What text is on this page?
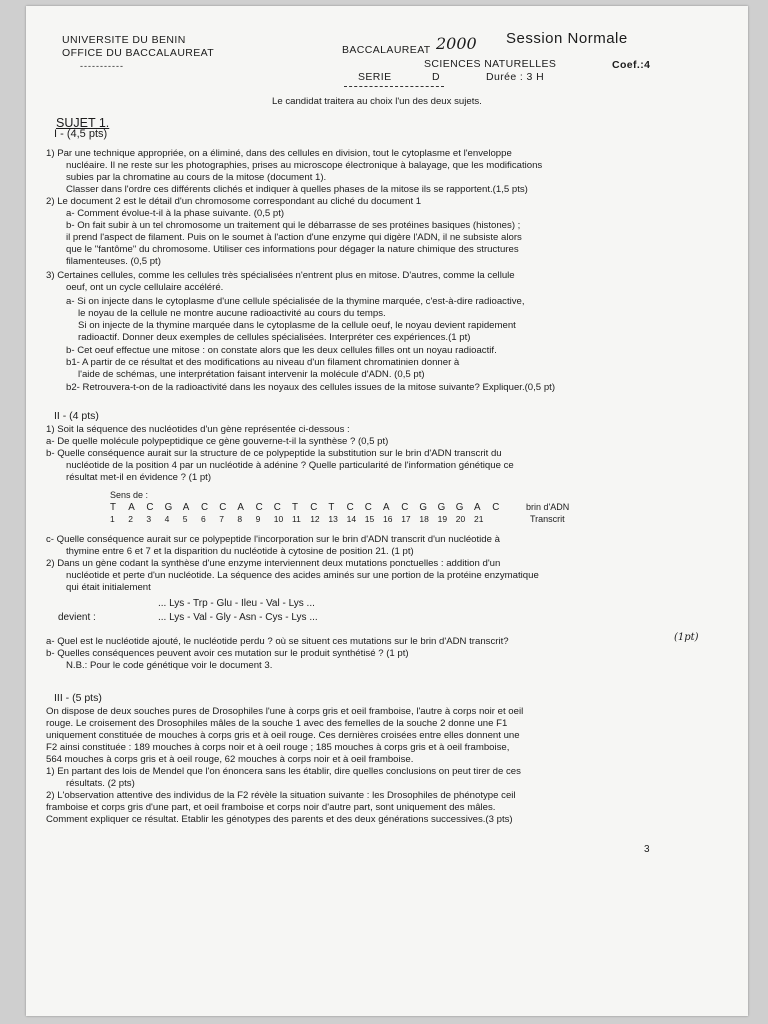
UNIVERSITE DU BENIN
OFFICE DU BACCALAUREAT
-----------
BACCALAUREAT 2000 Session Normale
SCIENCES NATURELLES	Coef.:4
SERIE	D	Durée : 3 H
Le candidat traitera au choix l'un des deux sujets.
SUJET 1.
I - (4,5 pts)
1) Par une technique appropriée, on a éliminé, dans des cellules en division, tout le cytoplasme et l'enveloppe
nucléaire. Il ne reste sur les photographies, prises au microscope électronique à balayage, que les modifications
subies par la chromatine au cours de la mitose (document 1).
Classer dans l'ordre ces différents clichés et indiquer à quelles phases de la mitose ils se rapportent.(1,5 pts)
2) Le document 2 est le détail d'un chromosome correspondant au cliché du document 1
a- Comment évolue-t-il à la phase suivante. (0,5 pt)
b- On fait subir à un tel chromosome un traitement qui le débarrasse de ses protéines basiques (histones) ;
il prend l'aspect de filament. Puis on le soumet à l'action d'une enzyme qui digère l'ADN, il ne subsiste alors
que le "fantôme" du chromosome. Utiliser ces informations pour dégager la nature chimique des structures
filamenteuses. (0,5 pt)
3) Certaines cellules, comme les cellules très spécialisées n'entrent plus en mitose. D'autres, comme la cellule
oeuf, ont un cycle cellulaire accéléré.
a- Si on injecte dans le cytoplasme d'une cellule spécialisée de la thymine marquée, c'est-à-dire radioactive,
le noyau de la cellule ne montre aucune radioactivité au cours du temps.
Si on injecte de la thymine marquée dans le cytoplasme de la cellule oeuf, le noyau devient rapidement
radioactif. Donner deux exemples de cellules spécialisées. Interpréter ces expériences.(1 pt)
b- Cet oeuf effectue une mitose : on constate alors que les deux cellules filles ont un noyau radioactif.
b1- A partir de ce résultat et des modifications au niveau d'un filament chromatinien donner à
l'aide de schémas, une interprétation faisant intervenir la molécule d'ADN. (0,5 pt)
b2- Retrouvera-t-on de la radioactivité dans les noyaux des cellules issues de la mitose suivante? Expliquer.(0,5 pt)
II - (4 pts)
1) Soit la séquence des nucléotides d'un gène représentée ci-dessous :
a- De quelle molécule polypeptidique ce gène gouverne-t-il la synthèse ? (0,5 pt)
b- Quelle conséquence aurait sur la structure de ce polypeptide la substitution sur le brin d'ADN transcrit du
nucléotide de la position 4 par un nucléotide à adénine ? Quelle particularité de l'information génétique ce
résultat met-il en évidence ? (1 pt)
Sens de :
T A C G A C C A C C T C T C C A C G G G A C
1 2 3 4 5 6 7 8 9 10 11 12 13 14 15 16 17 18 19 20 21
brin d'ADN
Transcrit
c- Quelle conséquence aurait sur ce polypeptide l'incorporation sur le brin d'ADN transcrit d'un nucléotide à
thymine entre 6 et 7 et la disparition du nucléotide à cytosine de position 21. (1 pt)
2) Dans un gène codant la synthèse d'une enzyme interviennent deux mutations ponctuelles : addition d'un
nucléotide et perte d'un nucléotide. La séquence des acides aminés sur une portion de la protéine enzymatique
qui était initialement
... Lys - Trp - Glu - Ileu - Val - Lys ...
devient :	... Lys - Val - Gly - Asn - Cys - Lys ...
a- Quel est le nucléotide ajouté, le nucléotide perdu ? où se situent ces mutations sur le brin d'ADN transcrit?	(1pt)
b- Quelles conséquences peuvent avoir ces mutation sur le produit synthétisé ? (1 pt)
N.B.: Pour le code génétique voir le document 3.
III - (5 pts)
On dispose de deux souches pures de Drosophiles l'une à corps gris et oeil framboise, l'autre à corps noir et oeil
rouge. Le croisement des Drosophiles mâles de la souche 1 avec des femelles de la souche 2 donne une F1
uniquement constituée de mouches à corps gris et à oeil rouge. Ces dernières croisées entre elles donnent une
F2 ainsi constituée : 189 mouches à corps noir et à oeil rouge ; 185 mouches à corps gris et à oeil framboise,
564 mouches à corps gris et à oeil rouge, 62 mouches à corps noir et à oeil framboise.
1) En partant des lois de Mendel que l'on énoncera sans les établir, dire quelles conclusions on peut tirer de ces
résultats. (2 pts)
2) L'observation attentive des individus de la F2 révèle la situation suivante : les Drosophiles de phénotype ceil
framboise et corps gris d'une part, et oeil framboise et corps noir d'autre part, sont uniquement des mâles.
Comment expliquer ce résultat. Etablir les génotypes des parents et des deux générations successives.(3 pts)
3
